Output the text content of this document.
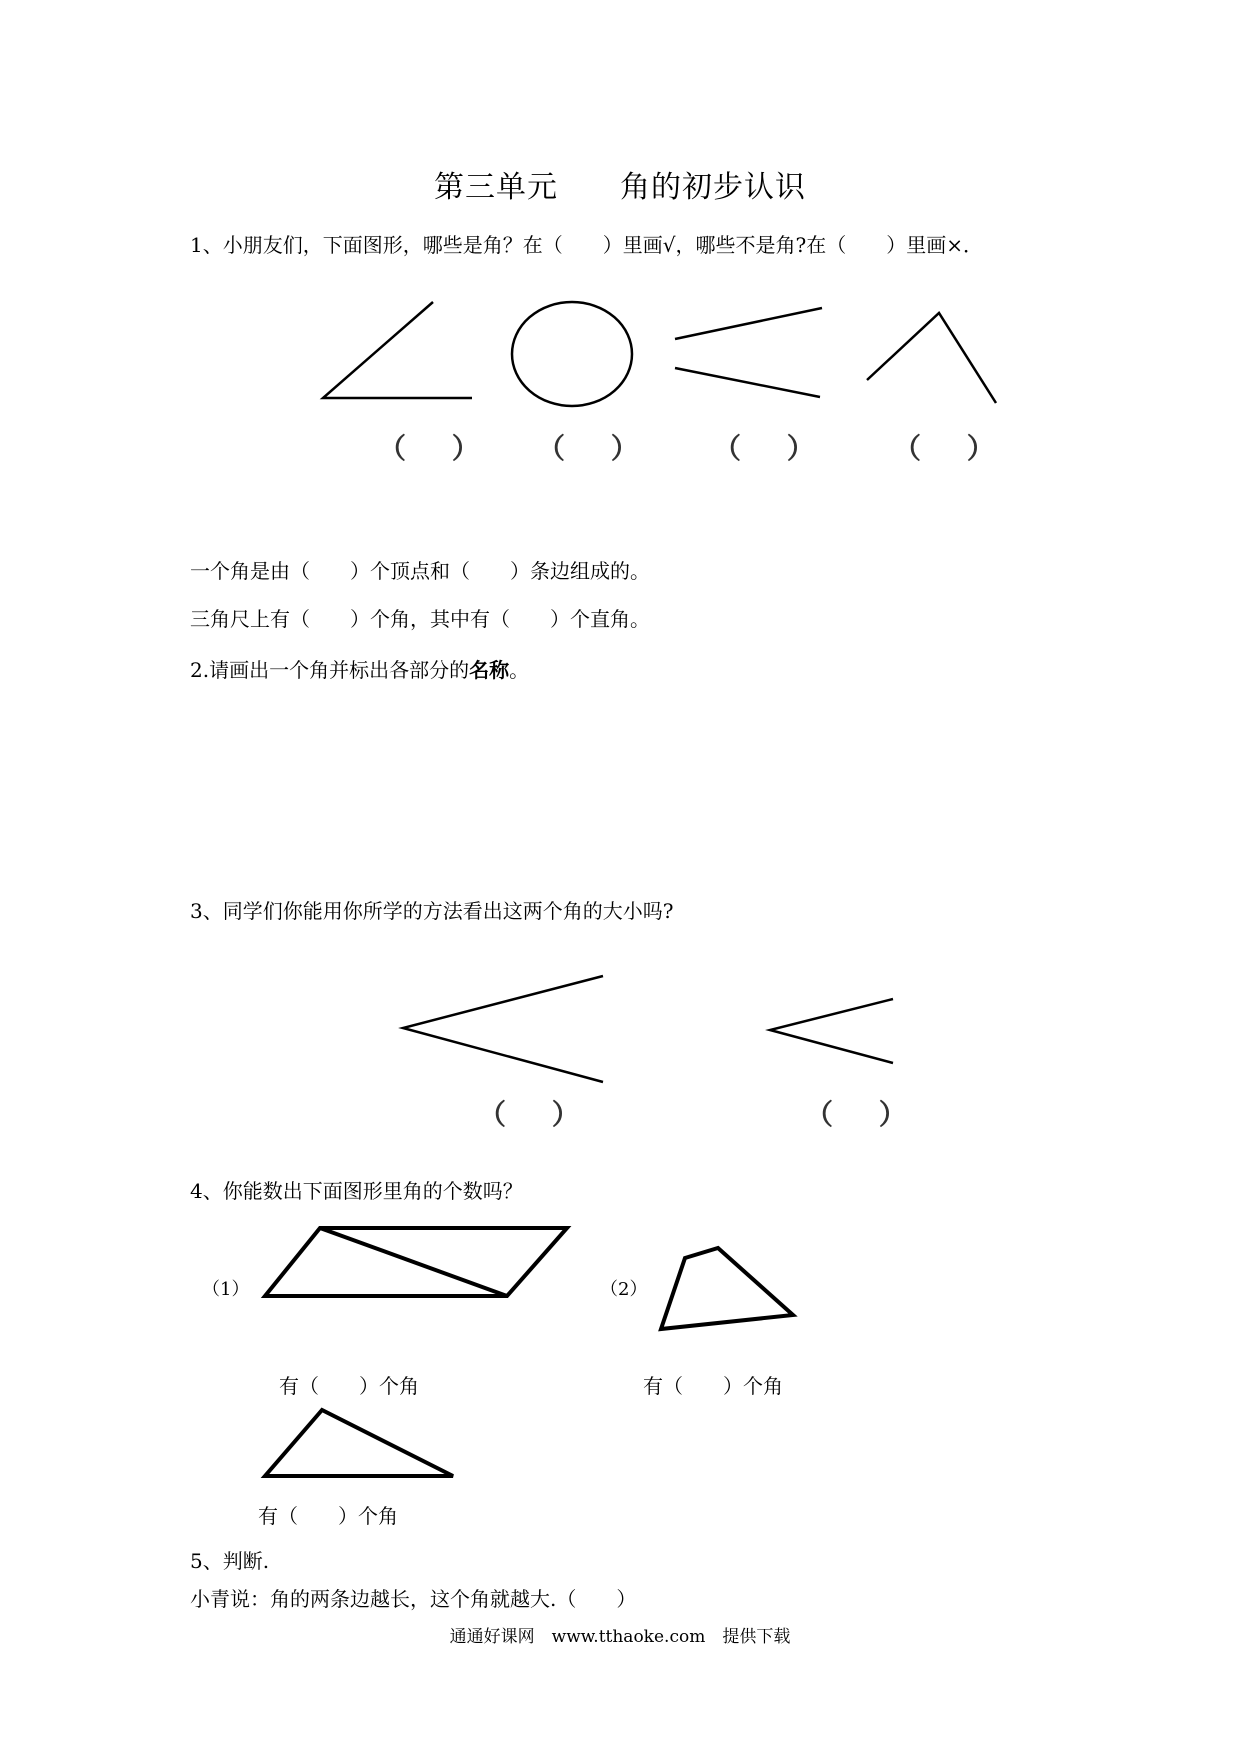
第三单元　　角的初步认识
1、小朋友们，下面图形，哪些是角？在（　　）里画√，哪些不是角?在（　　）里画×．
（ ） （ ） （ ） （ ）
一个角是由（　　）个顶点和（　　）条边组成的。
三角尺上有（　　）个角，其中有（　　）个直角。
2.请画出一个角并标出各部分的名称。
3、同学们你能用你所学的方法看出这两个角的大小吗?
（ ）	（ ）
4、你能数出下面图形里角的个数吗？
（1）	（2）
有（　　）个角	有（　　）个角
有（　　）个角
5、判断.
小青说：角的两条边越长，这个角就越大.（　　）
通通好课网　www.tthaoke.com　提供下载
